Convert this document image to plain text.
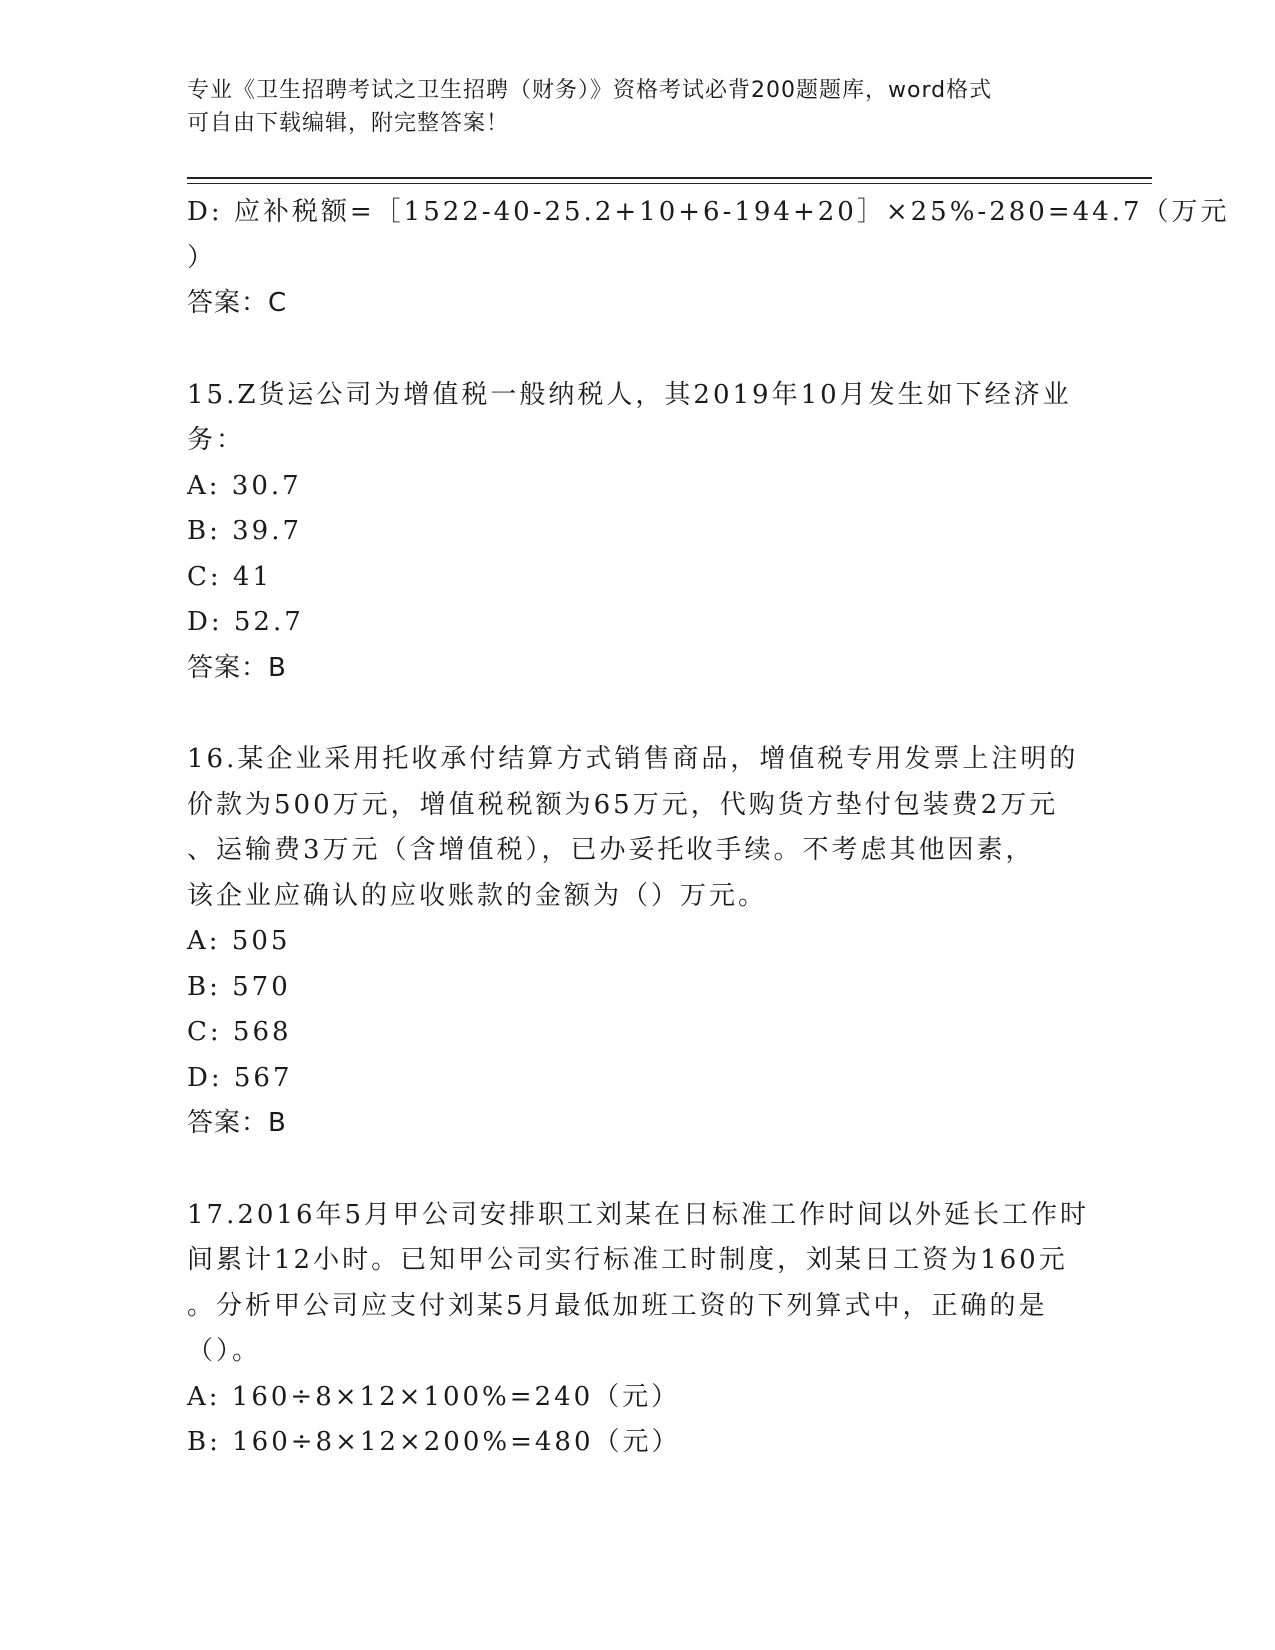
专业《卫生招聘考试之卫生招聘（财务）》资格考试必背200题题库，word格式
可自由下载编辑，附完整答案！
D: 应补税额=［1522-40-25.2+10+6-194+20］×25%-280=44.7（万元
）
答案：C
15.Z货运公司为增值税一般纳税人，其2019年10月发生如下经济业
务：
A: 30.7
B: 39.7
C: 41
D: 52.7
答案：B
16.某企业采用托收承付结算方式销售商品，增值税专用发票上注明的
价款为500万元，增值税税额为65万元，代购货方垫付包装费2万元
、运输费3万元（含增值税），已办妥托收手续。不考虑其他因素，
该企业应确认的应收账款的金额为（）万元。
A: 505
B: 570
C: 568
D: 567
答案：B
17.2016年5月甲公司安排职工刘某在日标准工作时间以外延长工作时
间累计12小时。已知甲公司实行标准工时制度，刘某日工资为160元
。分析甲公司应支付刘某5月最低加班工资的下列算式中，正确的是
（）。
A: 160÷8×12×100%=240（元）
B: 160÷8×12×200%=480（元）
